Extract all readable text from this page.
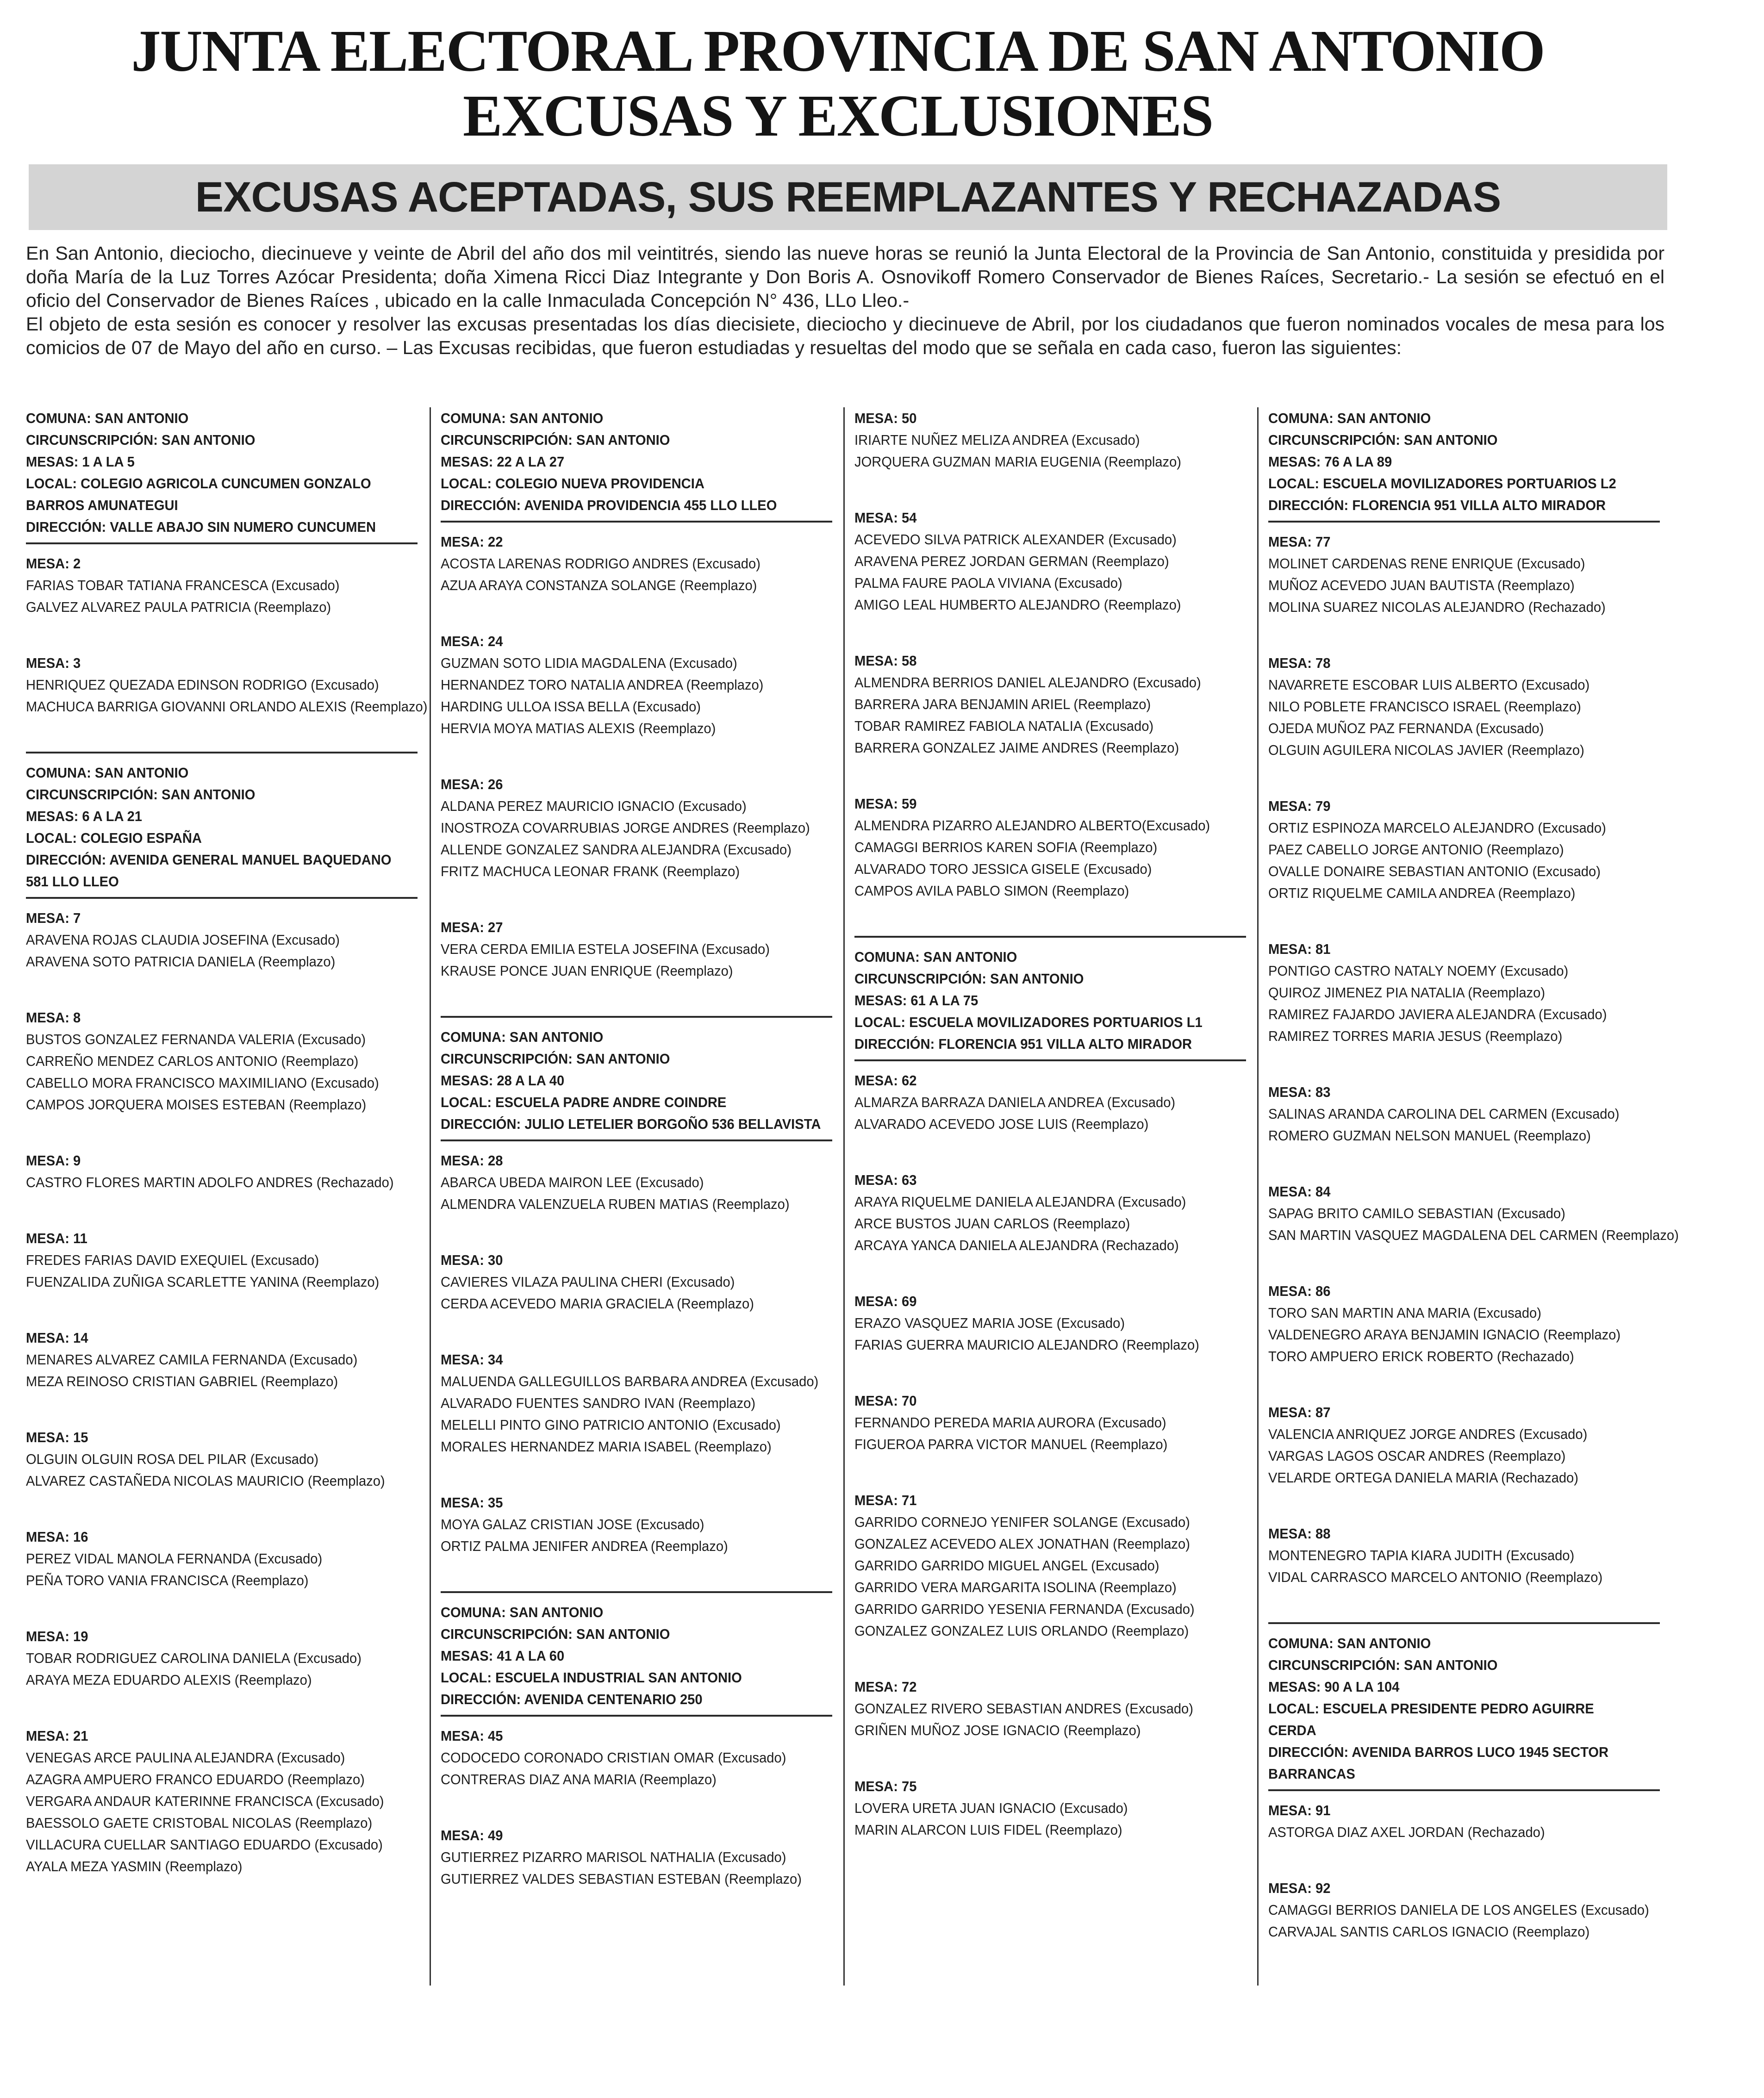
JUNTA ELECTORAL PROVINCIA DE SAN ANTONIO
EXCUSAS Y EXCLUSIONES
EXCUSAS ACEPTADAS, SUS REEMPLAZANTES Y RECHAZADAS

En San Antonio, dieciocho, diecinueve y veinte de Abril del año dos mil veintitrés, siendo las nueve horas se reunió la Junta Electoral de la Provincia de San Antonio, constituida y presidida por doña María de la Luz Torres Azócar Presidenta; doña Ximena Ricci Diaz Integrante y Don Boris A. Osnovikoff Romero Conservador de Bienes Raíces, Secretario.- La sesión se efectuó en el oficio del Conservador de Bienes Raíces , ubicado en la calle Inmaculada Concepción N° 436, LLo Lleo.-

El objeto de esta sesión es conocer y resolver las excusas presentadas los días diecisiete, dieciocho y diecinueve de Abril, por los ciudadanos que fueron nominados vocales de mesa para los comicios de 07 de Mayo del año en curso. – Las Excusas recibidas, que fueron estudiadas y resueltas del modo que se señala en cada caso, fueron las siguientes:

COMUNA: SAN ANTONIO
CIRCUNSCRIPCIÓN: SAN ANTONIO
MESAS: 1 A LA 5
LOCAL: COLEGIO AGRICOLA CUNCUMEN GONZALO
BARROS AMUNATEGUI
DIRECCIÓN: VALLE ABAJO SIN NUMERO CUNCUMEN
MESA: 2
FARIAS TOBAR TATIANA FRANCESCA (Excusado)
GALVEZ ALVAREZ PAULA PATRICIA (Reemplazo)
MESA: 3
HENRIQUEZ QUEZADA EDINSON RODRIGO (Excusado)
MACHUCA BARRIGA GIOVANNI ORLANDO ALEXIS (Reemplazo)
COMUNA: SAN ANTONIO
CIRCUNSCRIPCIÓN: SAN ANTONIO
MESAS: 6 A LA 21
LOCAL: COLEGIO ESPAÑA
DIRECCIÓN: AVENIDA GENERAL MANUEL BAQUEDANO
581 LLO LLEO
MESA: 7
ARAVENA ROJAS CLAUDIA JOSEFINA (Excusado)
ARAVENA SOTO PATRICIA DANIELA (Reemplazo)
MESA: 8
BUSTOS GONZALEZ FERNANDA VALERIA (Excusado)
CARREÑO MENDEZ CARLOS ANTONIO (Reemplazo)
CABELLO MORA FRANCISCO MAXIMILIANO (Excusado)
CAMPOS JORQUERA MOISES ESTEBAN (Reemplazo)
MESA: 9
CASTRO FLORES MARTIN ADOLFO ANDRES (Rechazado)
MESA: 11
FREDES FARIAS DAVID EXEQUIEL (Excusado)
FUENZALIDA ZUÑIGA SCARLETTE YANINA (Reemplazo)
MESA: 14
MENARES ALVAREZ CAMILA FERNANDA (Excusado)
MEZA REINOSO CRISTIAN GABRIEL (Reemplazo)
MESA: 15
OLGUIN OLGUIN ROSA DEL PILAR (Excusado)
ALVAREZ CASTAÑEDA NICOLAS MAURICIO (Reemplazo)
MESA: 16
PEREZ VIDAL MANOLA FERNANDA (Excusado)
PEÑA TORO VANIA FRANCISCA (Reemplazo)
MESA: 19
TOBAR RODRIGUEZ CAROLINA DANIELA (Excusado)
ARAYA MEZA EDUARDO ALEXIS (Reemplazo)
MESA: 21
VENEGAS ARCE PAULINA ALEJANDRA (Excusado)
AZAGRA AMPUERO FRANCO EDUARDO (Reemplazo)
VERGARA ANDAUR KATERINNE FRANCISCA (Excusado)
BAESSOLO GAETE CRISTOBAL NICOLAS (Reemplazo)
VILLACURA CUELLAR SANTIAGO EDUARDO (Excusado)
AYALA MEZA YASMIN (Reemplazo)
COMUNA: SAN ANTONIO
CIRCUNSCRIPCIÓN: SAN ANTONIO
MESAS: 22 A LA 27
LOCAL: COLEGIO NUEVA PROVIDENCIA
DIRECCIÓN: AVENIDA PROVIDENCIA 455 LLO LLEO
MESA: 22
ACOSTA LARENAS RODRIGO ANDRES (Excusado)
AZUA ARAYA CONSTANZA SOLANGE (Reemplazo)
MESA: 24
GUZMAN SOTO LIDIA MAGDALENA (Excusado)
HERNANDEZ TORO NATALIA ANDREA (Reemplazo)
HARDING ULLOA ISSA BELLA (Excusado)
HERVIA MOYA MATIAS ALEXIS (Reemplazo)
MESA: 26
ALDANA PEREZ MAURICIO IGNACIO (Excusado)
INOSTROZA COVARRUBIAS JORGE ANDRES (Reemplazo)
ALLENDE GONZALEZ SANDRA ALEJANDRA (Excusado)
FRITZ MACHUCA LEONAR FRANK (Reemplazo)
MESA: 27
VERA CERDA EMILIA ESTELA JOSEFINA (Excusado)
KRAUSE PONCE JUAN ENRIQUE (Reemplazo)
COMUNA: SAN ANTONIO
CIRCUNSCRIPCIÓN: SAN ANTONIO
MESAS: 28 A LA 40
LOCAL: ESCUELA PADRE ANDRE COINDRE
DIRECCIÓN: JULIO LETELIER BORGOÑO 536 BELLAVISTA
MESA: 28
ABARCA UBEDA MAIRON LEE (Excusado)
ALMENDRA VALENZUELA RUBEN MATIAS (Reemplazo)
MESA: 30
CAVIERES VILAZA PAULINA CHERI (Excusado)
CERDA ACEVEDO MARIA GRACIELA (Reemplazo)
MESA: 34
MALUENDA GALLEGUILLOS BARBARA ANDREA (Excusado)
ALVARADO FUENTES SANDRO IVAN (Reemplazo)
MELELLI PINTO GINO PATRICIO ANTONIO (Excusado)
MORALES HERNANDEZ MARIA ISABEL (Reemplazo)
MESA: 35
MOYA GALAZ CRISTIAN JOSE (Excusado)
ORTIZ PALMA JENIFER ANDREA (Reemplazo)
COMUNA: SAN ANTONIO
CIRCUNSCRIPCIÓN: SAN ANTONIO
MESAS: 41 A LA 60
LOCAL: ESCUELA INDUSTRIAL SAN ANTONIO
DIRECCIÓN: AVENIDA CENTENARIO 250
MESA: 45
CODOCEDO CORONADO CRISTIAN OMAR (Excusado)
CONTRERAS DIAZ ANA MARIA (Reemplazo)
MESA: 49
GUTIERREZ PIZARRO MARISOL NATHALIA (Excusado)
GUTIERREZ VALDES SEBASTIAN ESTEBAN (Reemplazo)
MESA: 50
IRIARTE NUÑEZ MELIZA ANDREA (Excusado)
JORQUERA GUZMAN MARIA EUGENIA (Reemplazo)
MESA: 54
ACEVEDO SILVA PATRICK ALEXANDER (Excusado)
ARAVENA PEREZ JORDAN GERMAN (Reemplazo)
PALMA FAURE PAOLA VIVIANA (Excusado)
AMIGO LEAL HUMBERTO ALEJANDRO (Reemplazo)
MESA: 58
ALMENDRA BERRIOS DANIEL ALEJANDRO (Excusado)
BARRERA JARA BENJAMIN ARIEL (Reemplazo)
TOBAR RAMIREZ FABIOLA NATALIA (Excusado)
BARRERA GONZALEZ JAIME ANDRES (Reemplazo)
MESA: 59
ALMENDRA PIZARRO ALEJANDRO ALBERTO(Excusado)
CAMAGGI BERRIOS KAREN SOFIA (Reemplazo)
ALVARADO TORO JESSICA GISELE (Excusado)
CAMPOS AVILA PABLO SIMON (Reemplazo)
COMUNA: SAN ANTONIO
CIRCUNSCRIPCIÓN: SAN ANTONIO
MESAS: 61 A LA 75
LOCAL: ESCUELA MOVILIZADORES PORTUARIOS L1
DIRECCIÓN: FLORENCIA 951 VILLA ALTO MIRADOR
MESA: 62
ALMARZA BARRAZA DANIELA ANDREA (Excusado)
ALVARADO ACEVEDO JOSE LUIS (Reemplazo)
MESA: 63
ARAYA RIQUELME DANIELA ALEJANDRA (Excusado)
ARCE BUSTOS JUAN CARLOS (Reemplazo)
ARCAYA YANCA DANIELA ALEJANDRA (Rechazado)
MESA: 69
ERAZO VASQUEZ MARIA JOSE (Excusado)
FARIAS GUERRA MAURICIO ALEJANDRO (Reemplazo)
MESA: 70
FERNANDO PEREDA MARIA AURORA (Excusado)
FIGUEROA PARRA VICTOR MANUEL (Reemplazo)
MESA: 71
GARRIDO CORNEJO YENIFER SOLANGE (Excusado)
GONZALEZ ACEVEDO ALEX JONATHAN (Reemplazo)
GARRIDO GARRIDO MIGUEL ANGEL (Excusado)
GARRIDO VERA MARGARITA ISOLINA (Reemplazo)
GARRIDO GARRIDO YESENIA FERNANDA (Excusado)
GONZALEZ GONZALEZ LUIS ORLANDO (Reemplazo)
MESA: 72
GONZALEZ RIVERO SEBASTIAN ANDRES (Excusado)
GRIÑEN MUÑOZ JOSE IGNACIO (Reemplazo)
MESA: 75
LOVERA URETA JUAN IGNACIO (Excusado)
MARIN ALARCON LUIS FIDEL (Reemplazo)
COMUNA: SAN ANTONIO
CIRCUNSCRIPCIÓN: SAN ANTONIO
MESAS: 76 A LA 89
LOCAL: ESCUELA MOVILIZADORES PORTUARIOS L2
DIRECCIÓN: FLORENCIA 951 VILLA ALTO MIRADOR
MESA: 77
MOLINET CARDENAS RENE ENRIQUE (Excusado)
MUÑOZ ACEVEDO JUAN BAUTISTA (Reemplazo)
MOLINA SUAREZ NICOLAS ALEJANDRO (Rechazado)
MESA: 78
NAVARRETE ESCOBAR LUIS ALBERTO (Excusado)
NILO POBLETE FRANCISCO ISRAEL (Reemplazo)
OJEDA MUÑOZ PAZ FERNANDA (Excusado)
OLGUIN AGUILERA NICOLAS JAVIER (Reemplazo)
MESA: 79
ORTIZ ESPINOZA MARCELO ALEJANDRO (Excusado)
PAEZ CABELLO JORGE ANTONIO (Reemplazo)
OVALLE DONAIRE SEBASTIAN ANTONIO (Excusado)
ORTIZ RIQUELME CAMILA ANDREA (Reemplazo)
MESA: 81
PONTIGO CASTRO NATALY NOEMY (Excusado)
QUIROZ JIMENEZ PIA NATALIA (Reemplazo)
RAMIREZ FAJARDO JAVIERA ALEJANDRA (Excusado)
RAMIREZ TORRES MARIA JESUS (Reemplazo)
MESA: 83
SALINAS ARANDA CAROLINA DEL CARMEN (Excusado)
ROMERO GUZMAN NELSON MANUEL (Reemplazo)
MESA: 84
SAPAG BRITO CAMILO SEBASTIAN (Excusado)
SAN MARTIN VASQUEZ MAGDALENA DEL CARMEN (Reemplazo)
MESA: 86
TORO SAN MARTIN ANA MARIA (Excusado)
VALDENEGRO ARAYA BENJAMIN IGNACIO (Reemplazo)
TORO AMPUERO ERICK ROBERTO (Rechazado)
MESA: 87
VALENCIA ANRIQUEZ JORGE ANDRES (Excusado)
VARGAS LAGOS OSCAR ANDRES (Reemplazo)
VELARDE ORTEGA DANIELA MARIA (Rechazado)
MESA: 88
MONTENEGRO TAPIA KIARA JUDITH (Excusado)
VIDAL CARRASCO MARCELO ANTONIO (Reemplazo)
COMUNA: SAN ANTONIO
CIRCUNSCRIPCIÓN: SAN ANTONIO
MESAS: 90 A LA 104
LOCAL: ESCUELA PRESIDENTE PEDRO AGUIRRE
CERDA
DIRECCIÓN: AVENIDA BARROS LUCO 1945 SECTOR
BARRANCAS
MESA: 91
ASTORGA DIAZ AXEL JORDAN (Rechazado)
MESA: 92
CAMAGGI BERRIOS DANIELA DE LOS ANGELES (Excusado)
CARVAJAL SANTIS CARLOS IGNACIO (Reemplazo)
